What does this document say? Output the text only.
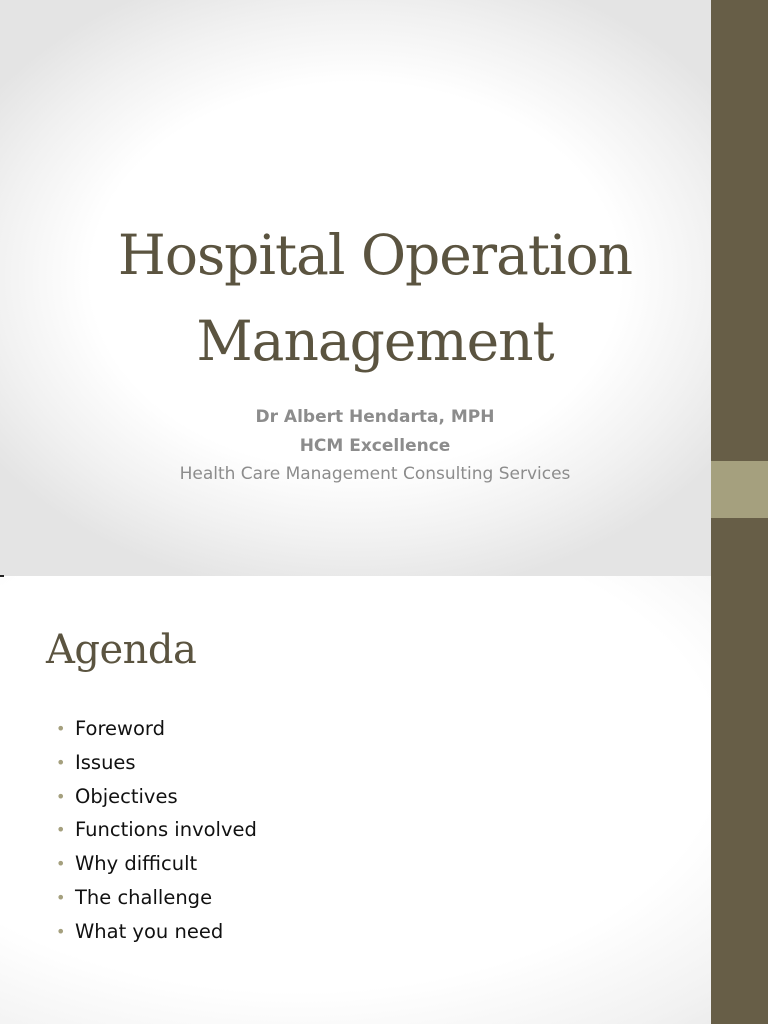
Hospital Operation
Management
Dr Albert Hendarta, MPH
HCM Excellence
Health Care Management Consulting Services
Agenda
• Foreword
• Issues
• Objectives
• Functions involved
• Why difficult
• The challenge
• What you need
